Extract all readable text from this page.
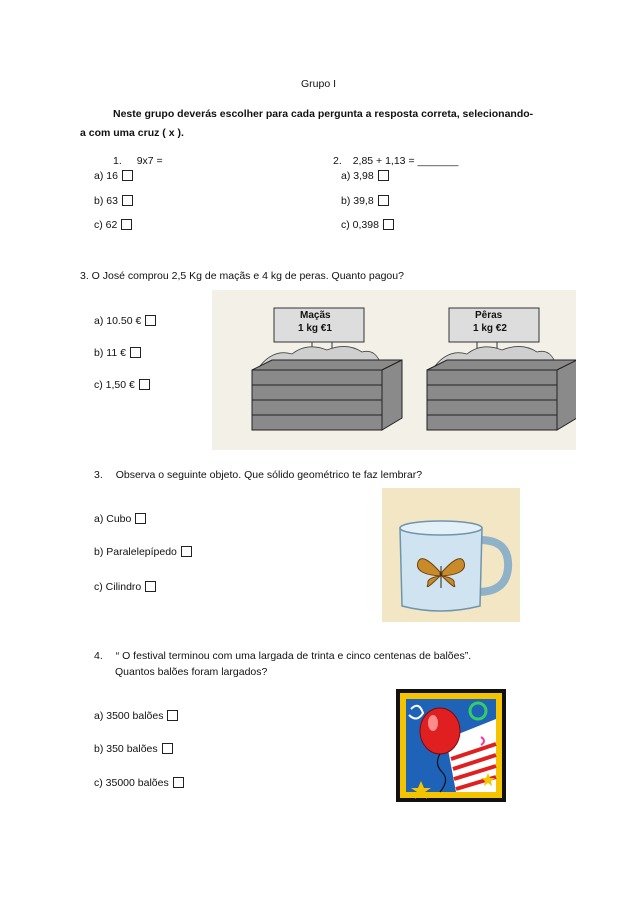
Grupo I
Neste grupo deverás escolher para cada pergunta a resposta correta, selecionando-
a com uma cruz ( x ).
1. 9x7 =
a) 16
b) 63
c) 62
2. 2,85 + 1,13 = _______
a) 3,98
b) 39,8
c) 0,398
3. O José comprou 2,5 Kg de maçãs e 4 kg de peras. Quanto pagou?
a) 10.50 €
b) 11 €
c) 1,50 €
Maçãs
1 kg €1
Pêras
1 kg €2
3. Observa o seguinte objeto. Que sólido geométrico te faz lembrar?
a) Cubo
b) Paralelepípedo
c) Cilindro
4. “ O festival terminou com uma largada de trinta e cinco centenas de balões”.
Quantos balões foram largados?
a) 3500 balões
b) 350 balões
c) 35000 balões
